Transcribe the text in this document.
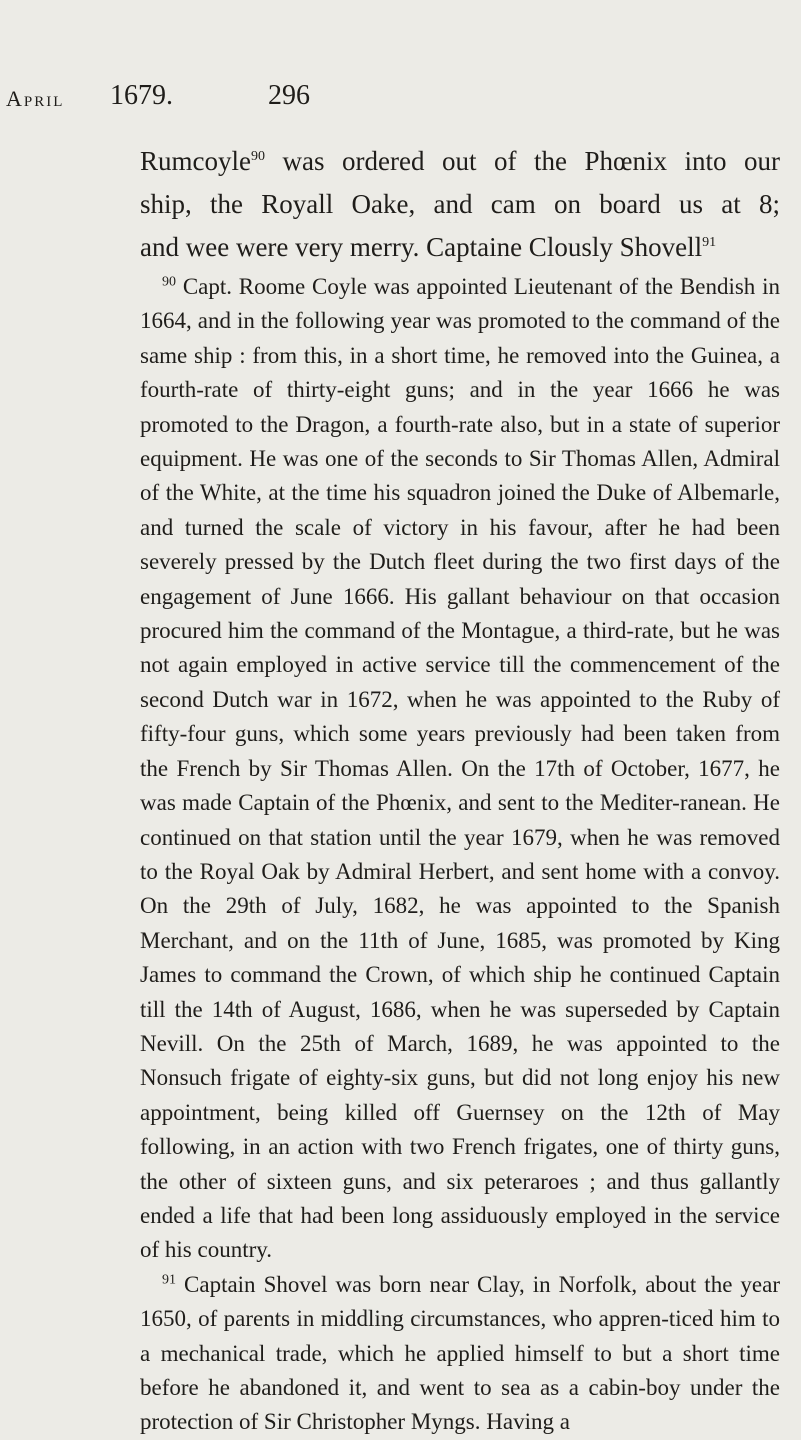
April 1679.	296
Rumcoyle$^{90}$ was ordered out of the Phœnix into our
ship, the Royall Oake, and cam on board us at 8;
and wee were very merry. Captaine Clously Shovell$^{91}$

$^{90}$ Capt. Roome Coyle was appointed Lieutenant of the Bendish in 1664, and in the following year was promoted to the command of the same ship : from this, in a short time, he removed into the Guinea, a fourth-rate of thirty-eight guns; and in the year 1666 he was promoted to the Dragon, a fourth-rate also, but in a state of superior equipment. He was one of the seconds to Sir Thomas Allen, Admiral of the White, at the time his squadron joined the Duke of Albemarle, and turned the scale of victory in his favour, after he had been severely pressed by the Dutch fleet during the two first days of the engagement of June 1666. His gallant behaviour on that occasion procured him the command of the Montague, a third-rate, but he was not again employed in active service till the commencement of the second Dutch war in 1672, when he was appointed to the Ruby of fifty-four guns, which some years previously had been taken from the French by Sir Thomas Allen. On the 17th of October, 1677, he was made Captain of the Phœnix, and sent to the Mediter-ranean. He continued on that station until the year 1679, when he was removed to the Royal Oak by Admiral Herbert, and sent home with a convoy. On the 29th of July, 1682, he was appointed to the Spanish Merchant, and on the 11th of June, 1685, was promoted by King James to command the Crown, of which ship he continued Captain till the 14th of August, 1686, when he was superseded by Captain Nevill. On the 25th of March, 1689, he was appointed to the Nonsuch frigate of eighty-six guns, but did not long enjoy his new appointment, being killed off Guernsey on the 12th of May following, in an action with two French frigates, one of thirty guns, the other of sixteen guns, and six peteraroes ; and thus gallantly ended a life that had been long assiduously employed in the service of his country.

$^{91}$ Captain Shovel was born near Clay, in Norfolk, about the year 1650, of parents in middling circumstances, who appren-ticed him to a mechanical trade, which he applied himself to but a short time before he abandoned it, and went to sea as a cabin-boy under the protection of Sir Christopher Myngs. Having a
